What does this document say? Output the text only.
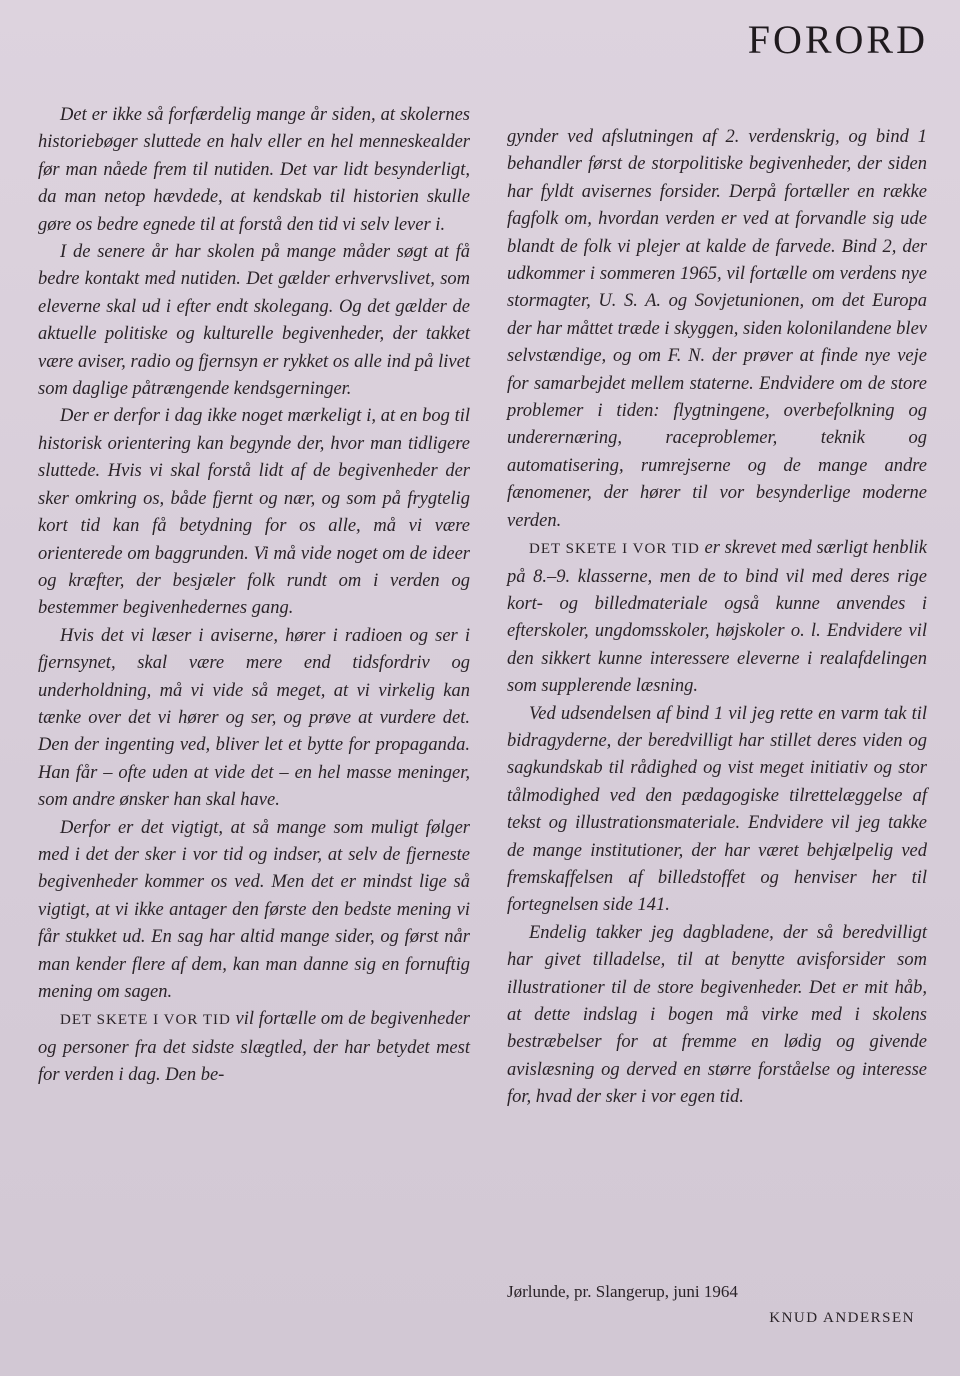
FORORD

Det er ikke så forfærdelig mange år siden, at skolernes historiebøger sluttede en halv eller en hel menneskealder før man nåede frem til nutiden. Det var lidt besynderligt, da man netop hævdede, at kendskab til historien skulle gøre os bedre egnede til at forstå den tid vi selv lever i.

I de senere år har skolen på mange måder søgt at få bedre kontakt med nutiden. Det gælder erhvervslivet, som eleverne skal ud i efter endt skolegang. Og det gælder de aktuelle politiske og kulturelle begivenheder, der takket være aviser, radio og fjernsyn er rykket os alle ind på livet som daglige påtrængende kendsgerninger.

Der er derfor i dag ikke noget mærkeligt i, at en bog til historisk orientering kan begynde der, hvor man tidligere sluttede. Hvis vi skal forstå lidt af de begivenheder der sker omkring os, både fjernt og nær, og som på frygtelig kort tid kan få betydning for os alle, må vi være orienterede om baggrunden. Vi må vide noget om de ideer og kræfter, der besjæler folk rundt om i verden og bestemmer begivenhedernes gang.

Hvis det vi læser i aviserne, hører i radioen og ser i fjernsynet, skal være mere end tidsfordriv og underholdning, må vi vide så meget, at vi virkelig kan tænke over det vi hører og ser, og prøve at vurdere det. Den der ingenting ved, bliver let et bytte for propaganda. Han får – ofte uden at vide det – en hel masse meninger, som andre ønsker han skal have.

Derfor er det vigtigt, at så mange som muligt følger med i det der sker i vor tid og indser, at selv de fjerneste begivenheder kommer os ved. Men det er mindst lige så vigtigt, at vi ikke antager den første den bedste mening vi får stukket ud. En sag har altid mange sider, og først når man kender flere af dem, kan man danne sig en fornuftig mening om sagen.

DET SKETE I VOR TID vil fortælle om de begivenheder og personer fra det sidste slægtled, der har betydet mest for verden i dag. Den be-

gynder ved afslutningen af 2. verdenskrig, og bind 1 behandler først de storpolitiske begivenheder, der siden har fyldt avisernes forsider. Derpå fortæller en række fagfolk om, hvordan verden er ved at forvandle sig ude blandt de folk vi plejer at kalde de farvede. Bind 2, der udkommer i sommeren 1965, vil fortælle om verdens nye stormagter, U. S. A. og Sovjetunionen, om det Europa der har måttet træde i skyggen, siden kolonilandene blev selvstændige, og om F. N. der prøver at finde nye veje for samarbejdet mellem staterne. Endvidere om de store problemer i tiden: flygtningene, overbefolkning og underernæring, raceproblemer, teknik og automatisering, rumrejserne og de mange andre fænomener, der hører til vor besynderlige moderne verden.

DET SKETE I VOR TID er skrevet med særligt henblik på 8.–9. klasserne, men de to bind vil med deres rige kort- og billedmateriale også kunne anvendes i efterskoler, ungdomsskoler, højskoler o. l. Endvidere vil den sikkert kunne interessere eleverne i realafdelingen som supplerende læsning.

Ved udsendelsen af bind 1 vil jeg rette en varm tak til bidragyderne, der beredvilligt har stillet deres viden og sagkundskab til rådighed og vist meget initiativ og stor tålmodighed ved den pædagogiske tilrettelæggelse af tekst og illustrationsmateriale. Endvidere vil jeg takke de mange institutioner, der har været behjælpelig ved fremskaffelsen af billedstoffet og henviser her til fortegnelsen side 141.

Endelig takker jeg dagbladene, der så beredvilligt har givet tilladelse, til at benytte avisforsider som illustrationer til de store begivenheder. Det er mit håb, at dette indslag i bogen må virke med i skolens bestræbelser for at fremme en lødig og givende avislæsning og derved en større forståelse og interesse for, hvad der sker i vor egen tid.

Jørlunde, pr. Slangerup, juni 1964
KNUD ANDERSEN
